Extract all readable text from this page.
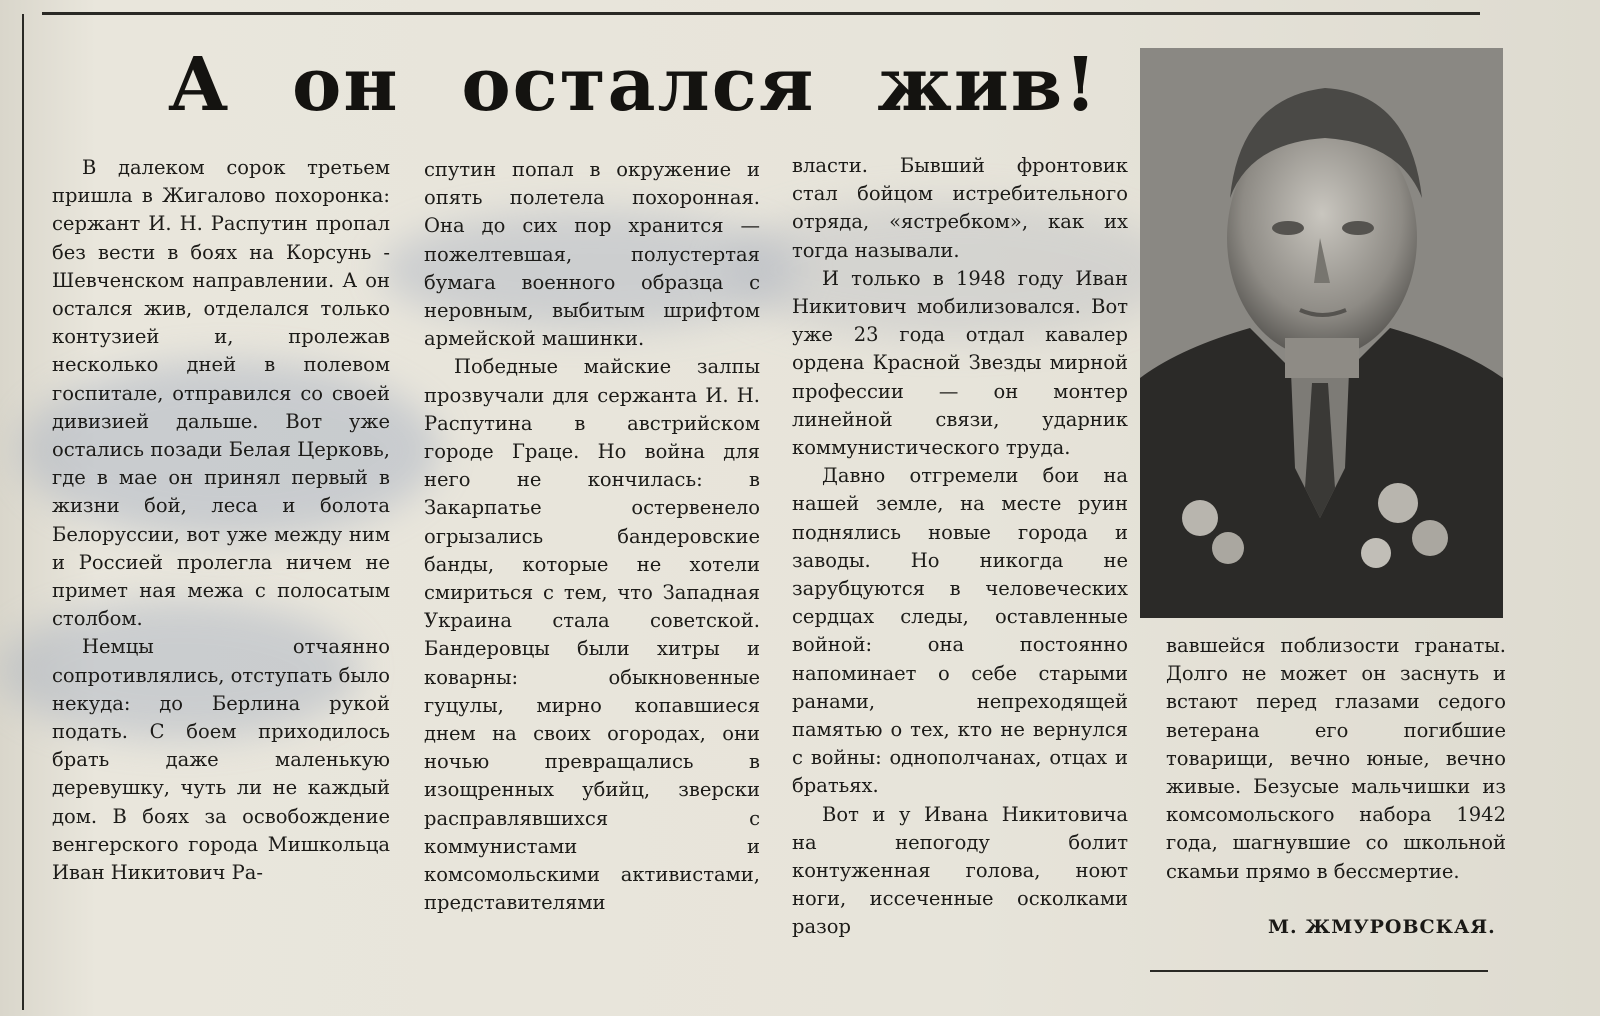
А он остался жив!

В далеком сорок третьем пришла в Жигалово похоронка: сержант И. Н. Распутин пропал без вести в боях на Корсунь - Шевченском направлении. А он остался жив, отделался только контузией и, пролежав несколько дней в полевом госпитале, отправился со своей дивизией дальше. Вот уже остались позади Белая Церковь, где в мае он принял первый в жизни бой, леса и болота Белоруссии, вот уже между ним и Россией пролегла ничем не примет ная межа с полосатым столбом.

Немцы отчаянно сопротивлялись, отступать было некуда: до Берлина рукой подать. С боем приходилось брать даже маленькую деревушку, чуть ли не каждый дом. В боях за освобождение венгерского города Мишкольца Иван Никитович Ра-

спутин попал в окружение и опять полетела похоронная. Она до сих пор хранится — пожелтевшая, полустертая бумага военного образца с неровным, выбитым шрифтом армейской машинки.

Победные майские залпы прозвучали для сержанта И. Н. Распутина в австрийском городе Граце. Но война для него не кончилась: в Закарпатье остервенело огрызались бандеровские банды, которые не хотели смириться с тем, что Западная Украина стала советской. Бандеровцы были хитры и коварны: обыкновенные гуцулы, мирно копавшиеся днем на своих огородах, они ночью превращались в изощренных убийц, зверски расправлявшихся с коммунистами и комсомольскими активистами, представителями

власти. Бывший фронтовик стал бойцом истребительного отряда, «ястребком», как их тогда называли.

И только в 1948 году Иван Никитович мобилизовался. Вот уже 23 года отдал кавалер ордена Красной Звезды мирной профессии — он монтер линейной связи, ударник коммунистического труда.

Давно отгремели бои на нашей земле, на месте руин поднялись новые города и заводы. Но никогда не зарубцуются в человеческих сердцах следы, оставленные войной: она постоянно напоминает о себе старыми ранами, непреходящей памятью о тех, кто не вернулся с войны: однополчанах, отцах и братьях.

Вот и у Ивана Никитовича на непогоду болит контуженная голова, ноют ноги, иссеченные осколками разор

вавшейся поблизости гранаты. Долго не может он заснуть и встают перед глазами седого ветерана его погибшие товарищи, вечно юные, вечно живые. Безусые мальчишки из комсомольского набора 1942 года, шагнувшие со школьной скамьи прямо в бессмертие.

М. ЖМУРОВСКАЯ.
